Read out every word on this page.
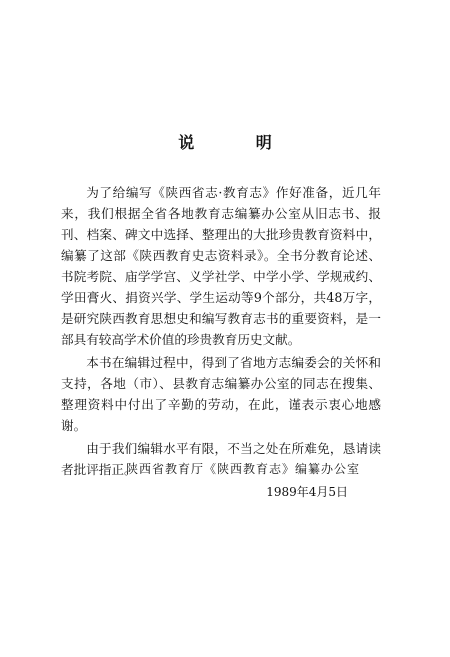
说 明

为了给编写《陕西省志·教育志》作好准备，近几年来，我们根据全省各地教育志编纂办公室从旧志书、报刊、档案、碑文中选择、整理出的大批珍贵教育资料中，编纂了这部《陕西教育史志资料录》。全书分教育论述、书院考院、庙学学宫、义学社学、中学小学、学规戒约、学田膏火、捐资兴学、学生运动等9个部分，共48万字，是研究陕西教育思想史和编写教育志书的重要资料，是一部具有较高学术价值的珍贵教育历史文献。

本书在编辑过程中，得到了省地方志编委会的关怀和支持，各地（市）、县教育志编纂办公室的同志在搜集、整理资料中付出了辛勤的劳动，在此，谨表示衷心地感谢。

由于我们编辑水平有限，不当之处在所难免，恳请读者批评指正。

陕西省教育厅《陕西教育志》编纂办公室
1989年4月5日
